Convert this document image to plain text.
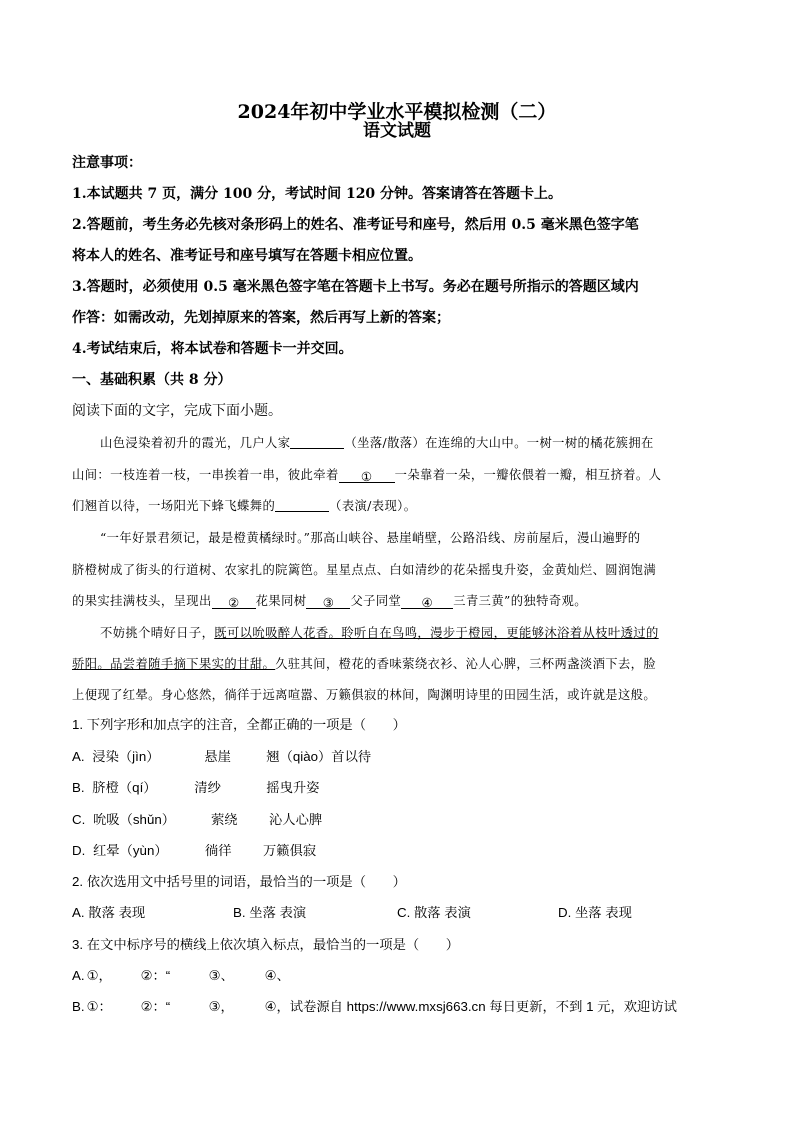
2024年初中学业水平模拟检测（二）
语文试题
注意事项：
1.本试题共 7 页，满分 100 分，考试时间 120 分钟。答案请答在答题卡上。
2.答题前，考生务必先核对条形码上的姓名、准考证号和座号，然后用 0.5 毫米黑色签字笔
将本人的姓名、准考证号和座号填写在答题卡相应位置。
3.答题时，必须使用 0.5 毫米黑色签字笔在答题卡上书写。务必在题号所指示的答题区域内
作答：如需改动，先划掉原来的答案，然后再写上新的答案；
4.考试结束后，将本试卷和答题卡一并交回。
一、基础积累（共 8 分）
阅读下面的文字，完成下面小题。
山色浸染着初升的霞光，几户人家	（坐落/散落）在连绵的大山中。一树一树的橘花簇拥在
山间：一枝连着一枝，一串挨着一串，彼此牵着 ① 一朵靠着一朵，一瓣依偎着一瓣，相互挤着。人
们翘首以待，一场阳光下蜂飞蝶舞的	（表演/表现）。
“一年好景君须记，最是橙黄橘绿时。”那高山峡谷、悬崖峭壁，公路沿线、房前屋后，漫山遍野的
脐橙树成了街头的行道树、农家扎的院篱笆。星星点点、白如清纱的花朵摇曳升姿，金黄灿烂、圆润饱满
的果实挂满枝头，呈现出 ② 花果同树 ③ 父子同堂 ④ 三青三黄”的独特奇观。
不妨挑个晴好日子，既可以吮吸醉人花香。聆听自在鸟鸣，漫步于橙园，更能够沐浴着从枝叶透过的
骄阳。品尝着随手摘下果实的甘甜。久驻其间，橙花的香味萦绕衣衫、沁人心脾，三杯两盏淡酒下去，脸
上便现了红晕。身心悠然，徜徉于远离喧嚣、万籁俱寂的林间，陶渊明诗里的田园生活，或许就是这般。
1. 下列字形和加点字的注音，全都正确的一项是（　　）
A. 浸染（jìn）	悬崖	翘（qiào）首以待
B. 脐橙（qí）	清纱	摇曳升姿
C. 吮吸（shǔn）	萦绕 沁人心脾
D. 红晕（yùn）	徜徉 万籁俱寂
2. 依次选用文中括号里的词语，最恰当的一项是（　　）
A. 散落 表现	B. 坐落 表演	C. 散落 表演	D. 坐落 表现
3. 在文中标序号的横线上依次填入标点，最恰当的一项是（　　）
A. ①， ②：“	③、 ④、
B. ①： ②：“	③， ④，试卷源自 https://www.mxsj663.cn 每日更新，不到 1 元，欢迎访试
